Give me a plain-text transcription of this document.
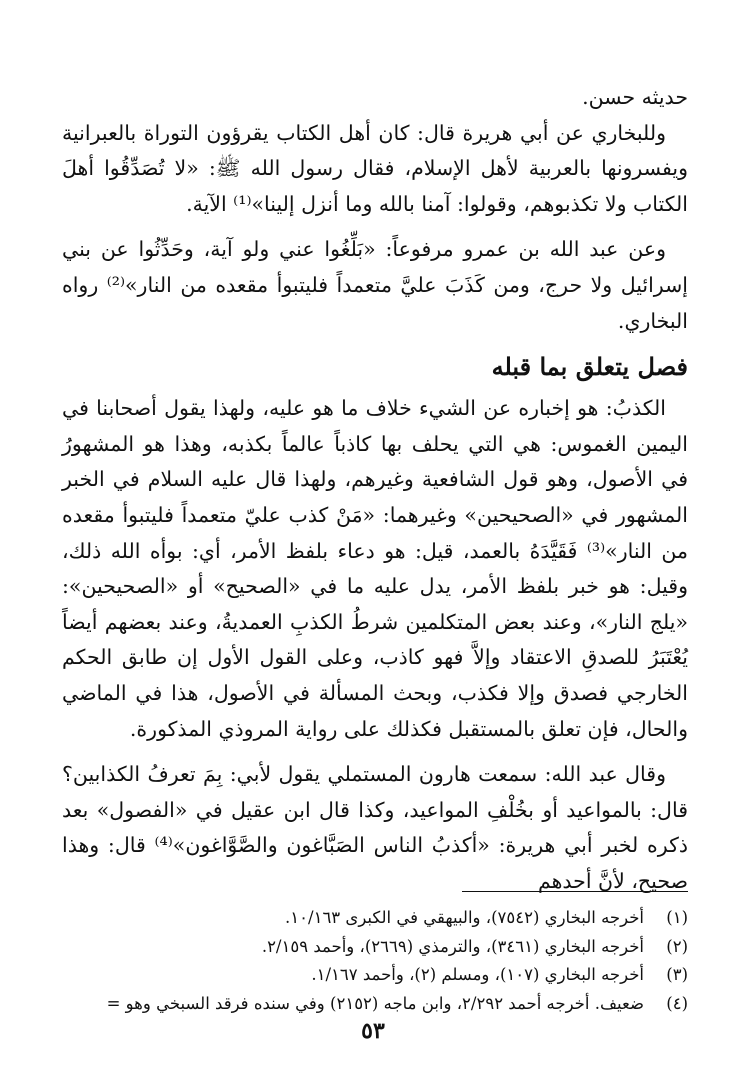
حديثه حسن.

وللبخاري عن أبي هريرة قال: كان أهل الكتاب يقرؤون التوراة بالعبرانية ويفسرونها بالعربية لأهل الإسلام، فقال رسول الله ﷺ: «لا تُصَدِّقُوا أهلَ الكتاب ولا تكذبوهم، وقولوا: آمنا بالله وما أنزل إلينا»⁽¹⁾ الآية.

وعن عبد الله بن عمرو مرفوعاً: «بَلِّغُوا عني ولو آية، وحَدِّثُوا عن بني إسرائيل ولا حرج، ومن كَذَبَ عليَّ متعمداً فليتبوأ مقعده من النار»⁽²⁾ رواه البخاري.

فصل يتعلق بما قبله

الكذبُ: هو إخباره عن الشيء خلاف ما هو عليه، ولهذا يقول أصحابنا في اليمين الغموس: هي التي يحلف بها كاذباً عالماً بكذبه، وهذا هو المشهورُ في الأصول، وهو قول الشافعية وغيرهم، ولهذا قال عليه السلام في الخبر المشهور في «الصحيحين» وغيرهما: «مَنْ كذب عليّ متعمداً فليتبوأ مقعده من النار»⁽³⁾ فَقَيَّدَهُ بالعمد، قيل: هو دعاء بلفظ الأمر، أي: بوأه الله ذلك، وقيل: هو خبر بلفظ الأمر، يدل عليه ما في «الصحيح» أو «الصحيحين»: «يلج النار»، وعند بعض المتكلمين شرطُ الكذبِ العمديةُ، وعند بعضهم أيضاً يُعْتَبَرُ للصدقِ الاعتقاد وإلاَّ فهو كاذب، وعلى القول الأول إن طابق الحكم الخارجي فصدق وإلا فكذب، وبحث المسألة في الأصول، هذا في الماضي والحال، فإن تعلق بالمستقبل فكذلك على رواية المروذي المذكورة.

وقال عبد الله: سمعت هارون المستملي يقول لأبي: بِمَ تعرفُ الكذابين؟ قال: بالمواعيد أو بخُلْفِ المواعيد، وكذا قال ابن عقيل في «الفصول» بعد ذكره لخبر أبي هريرة: «أكذبُ الناس الصَبَّاغون والصَّوَّاغون»⁽⁴⁾ قال: وهذا صحيح، لأنَّ أحدهم

(١)أخرجه البخاري (٧٥٤٢)، والبيهقي في الكبرى ١٠/١٦٣.

(٢)أخرجه البخاري (٣٤٦١)، والترمذي (٢٦٦٩)، وأحمد ٢/١٥٩.

(٣)أخرجه البخاري (١٠٧)، ومسلم (٢)، وأحمد ١/١٦٧.

(٤)ضعيف. أخرجه أحمد ٢/٢٩٢، وابن ماجه (٢١٥٢) وفي سنده فرقد السبخي وهو =

٥٣
